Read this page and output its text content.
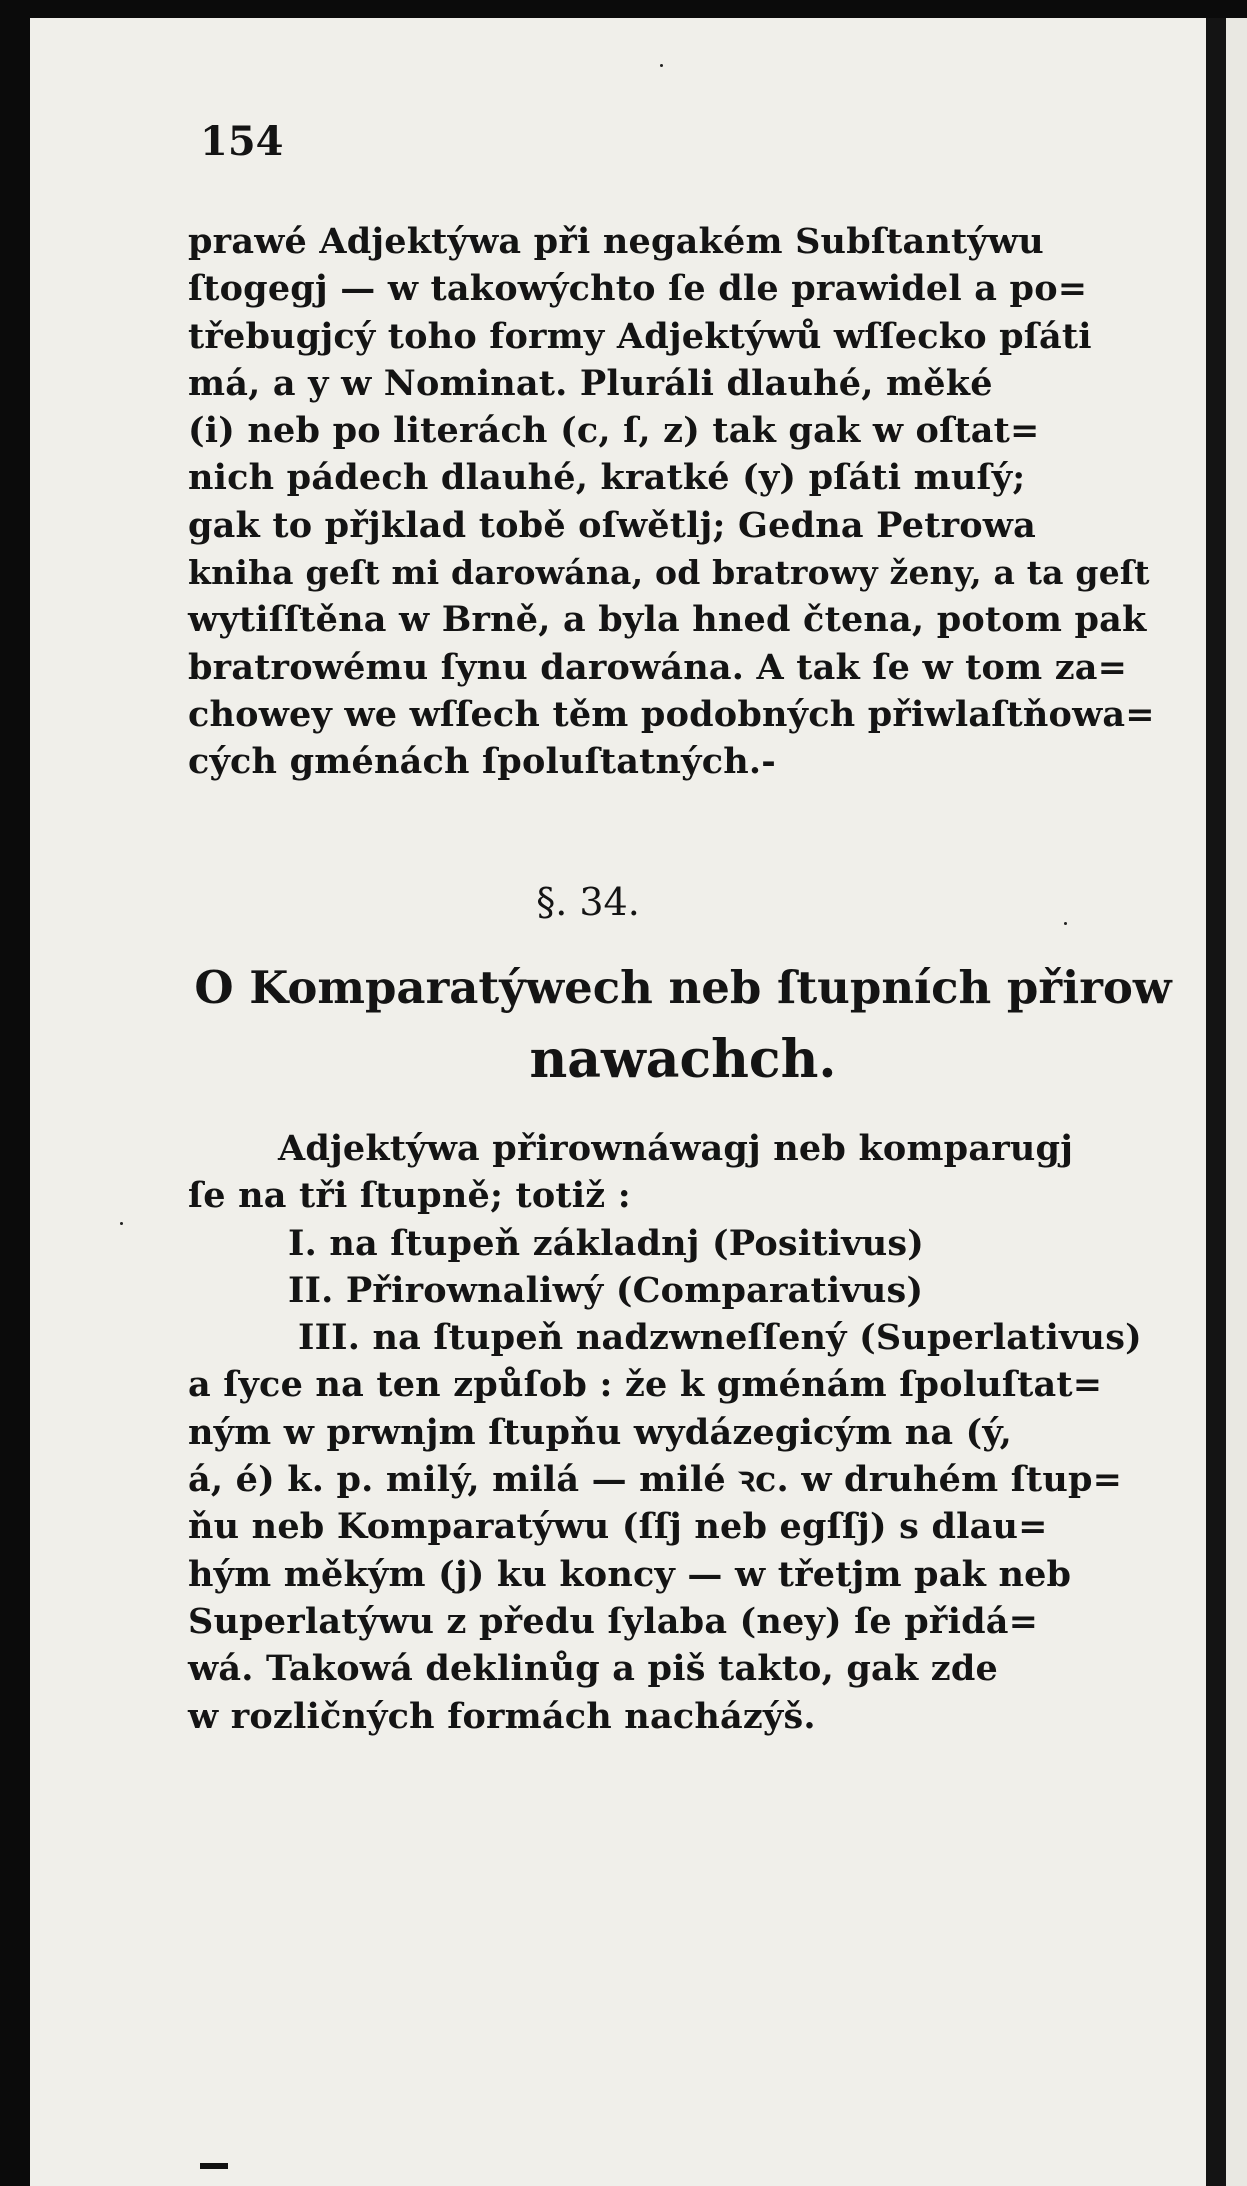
154

prawé Adjektýwa při negakém Subſtantýwu
ſtogegj — w takowýchto ſe dle prawidel a po=
třebugjcý toho formy Adjektýwů wſſecko pſáti
má, a y w Nominat. Pluráli dlauhé, měké
(i) neb po literách (c, ſ, z) tak gak w oſtat=
nich pádech dlauhé, kratké (y) pſáti muſý;
gak to přjklad tobě oſwětlj; Gedna Petrowa
kniha geſt mi darowána, od bratrowy ženy, a ta geſt
wytiſſtěna w Brně, a byla hned čtena, potom pak
bratrowému ſynu darowána. A tak ſe w tom za=
chowey we wſſech těm podobných přiwlaſtňowa=
cých gménách ſpoluſtatných.-

§. 34.

O Komparatýwech neb ſtupních přirow
nawachch.

Adjektýwa přirownáwagj neb komparugj
ſe na tři ſtupně; totiž :
I. na ſtupeň základnj (Positivus)
II. Přirownaliwý (Comparativus)
III. na ſtupeň nadzwneſſený (Superlativus)
a ſyce na ten způſob : že k gménám ſpoluſtat=
ným w prwnjm ſtupňu wydázegicým na (ý,
á, é) k. p. milý, milá — milé ꝛc. w druhém ſtup=
ňu neb Komparatýwu (ſſj neb egſſj) s dlau=
hým měkým (j) ku koncy — w třetjm pak neb
Superlatýwu z předu ſylaba (ney) ſe přidá=
wá. Takowá deklinůg a piš takto, gak zde
w rozličných formách nacházýš.
